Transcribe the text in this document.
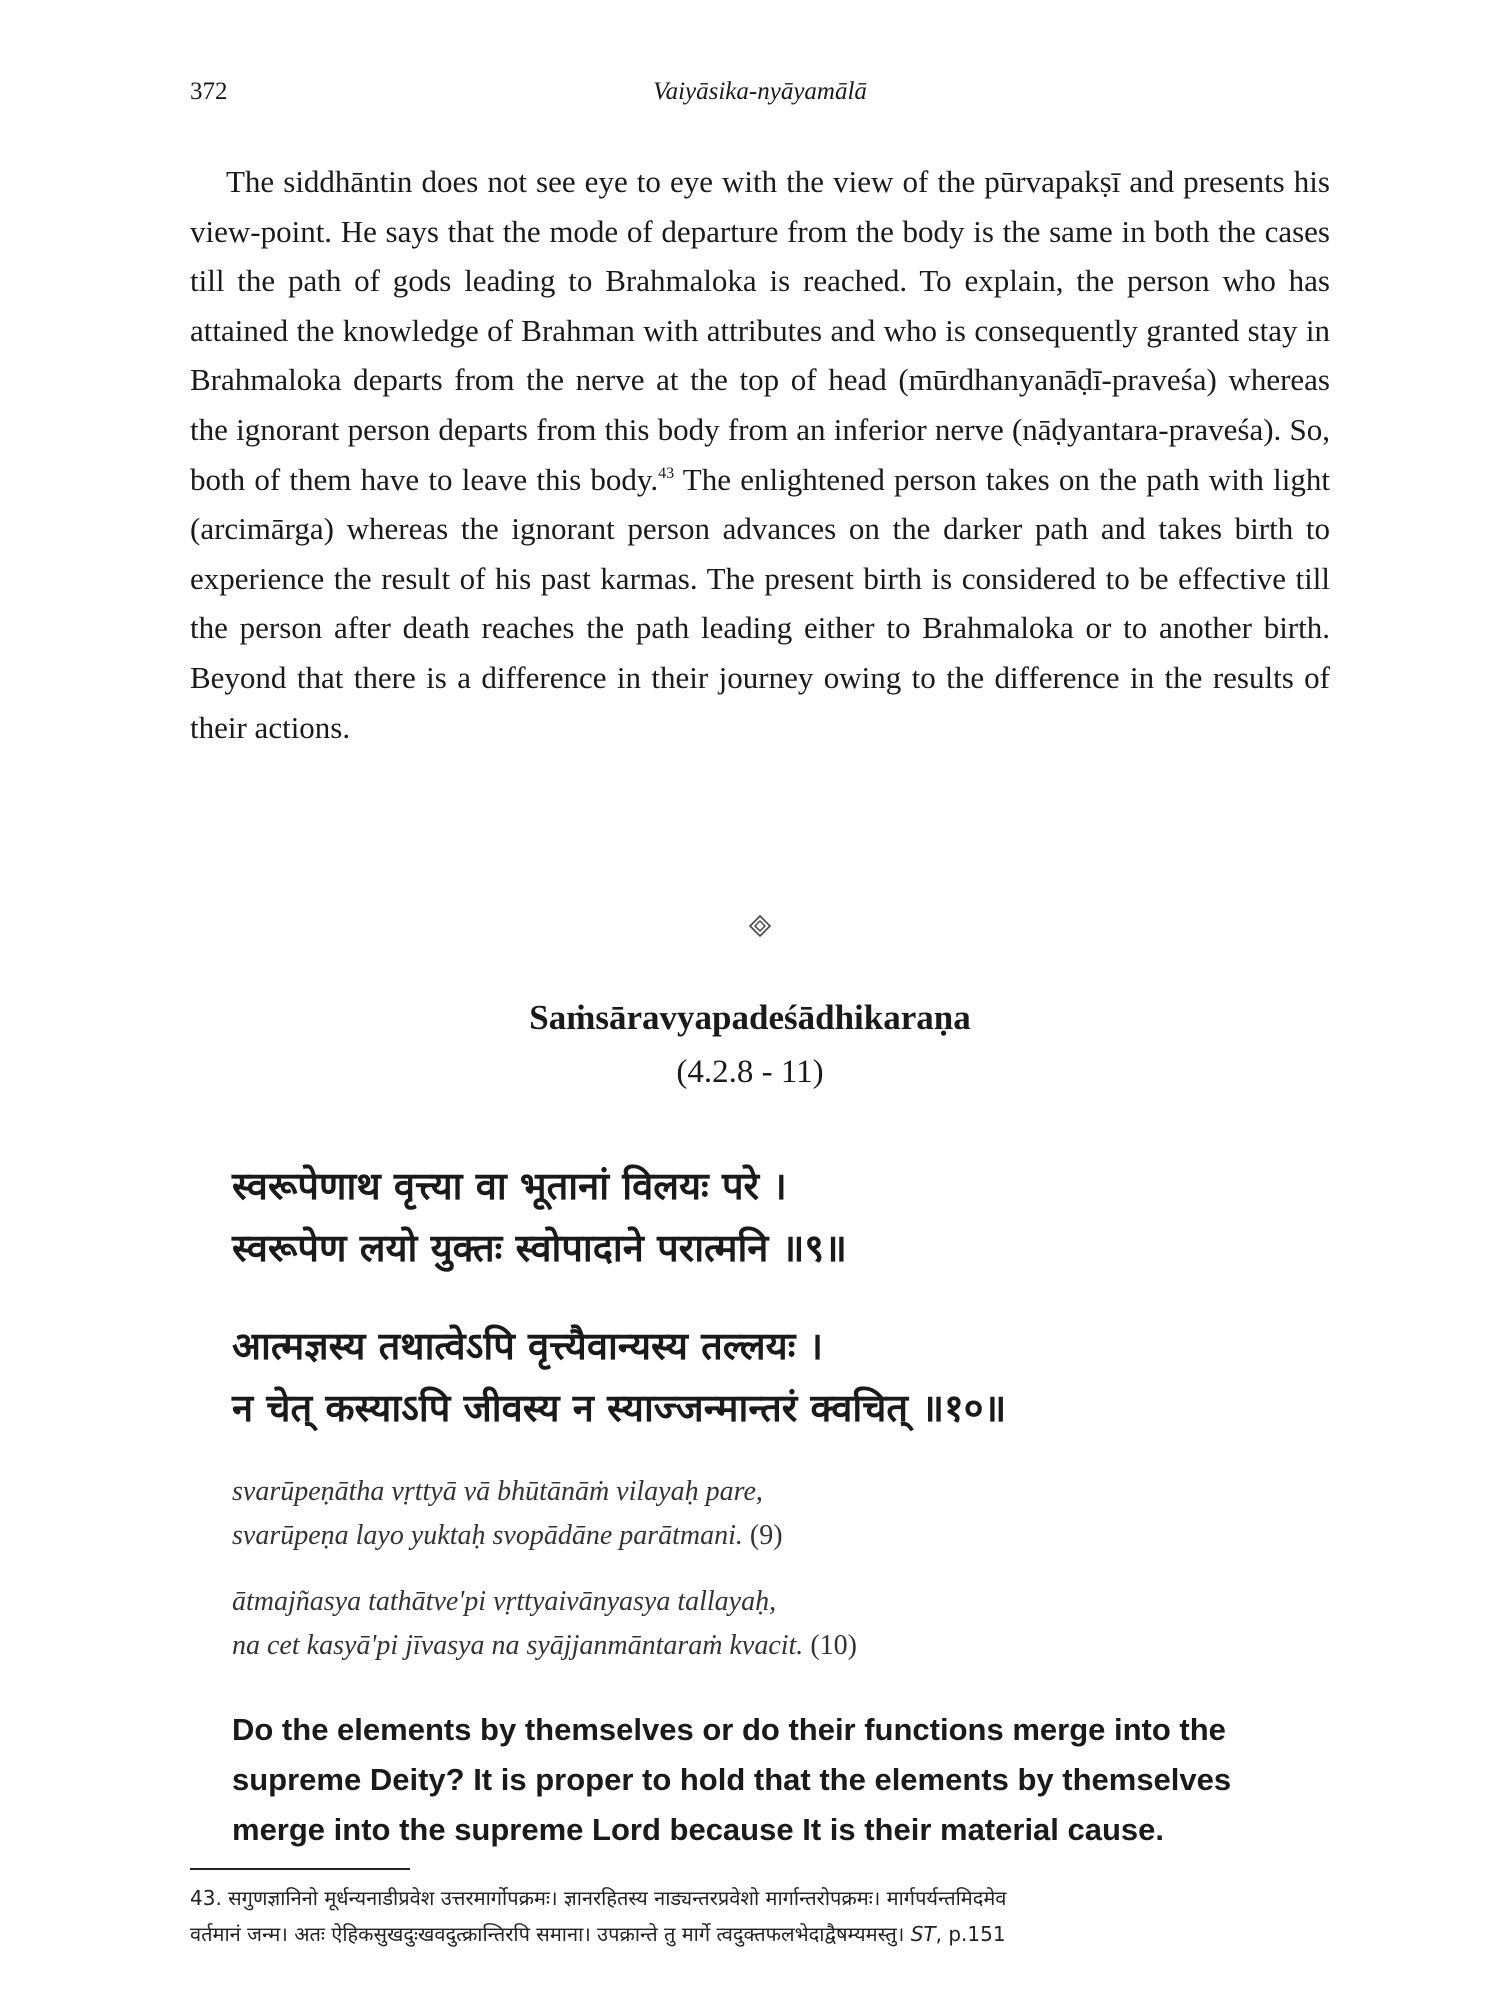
372	Vaiyāsika-nyāyamālā

The siddhāntin does not see eye to eye with the view of the pūrvapakṣī and presents his view-point. He says that the mode of departure from the body is the same in both the cases till the path of gods leading to Brahmaloka is reached. To explain, the person who has attained the knowledge of Brahman with attributes and who is consequently granted stay in Brahmaloka departs from the nerve at the top of head (mūrdhanyanāḍī-praveśa) whereas the ignorant person departs from this body from an inferior nerve (nāḍyantara-praveśa). So, both of them have to leave this body.$^{43}$ The enlightened person takes on the path with light (arcimārga) whereas the ignorant person advances on the darker path and takes birth to experience the result of his past karmas. The present birth is considered to be effective till the person after death reaches the path leading either to Brahmaloka or to another birth. Beyond that there is a difference in their journey owing to the difference in the results of their actions.

Saṁsāravyapadeśādhikaraṇa
(4.2.8 - 11)

स्वरूपेणाथ वृत्त्या वा भूतानां विलयः परे ।
स्वरूपेण लयो युक्तः स्वोपादाने परात्मनि ॥९॥

आत्मज्ञस्य तथात्वेऽपि वृत्त्यैवान्यस्य तल्लयः ।
न चेत् कस्याऽपि जीवस्य न स्याज्जन्मान्तरं क्वचित् ॥१०॥

svarūpeṇātha vṛttyā vā bhūtānāṁ vilayaḥ pare,
svarūpeṇa layo yuktaḥ svopādāne parātmani. (9)

ātmajñasya tathātve'pi vṛttyaivānyasya tallayaḥ,
na cet kasyā'pi jīvasya na syājjanmāntaraṁ kvacit. (10)

Do the elements by themselves or do their functions merge into the
supreme Deity? It is proper to hold that the elements by themselves
merge into the supreme Lord because It is their material cause.

43. सगुणज्ञानिनो मूर्धन्यनाडीप्रवेश उत्तरमार्गोपक्रमः। ज्ञानरहितस्य नाड्यन्तरप्रवेशो मार्गान्तरोपक्रमः। मार्गपर्यन्तमिदमेव
वर्तमानं जन्म। अतः ऐहिकसुखदुःखवदुत्क्रान्तिरपि समाना। उपक्रान्ते तु मार्गे त्वदुक्तफलभेदाद्वैषम्यमस्तु। ST, p.151
